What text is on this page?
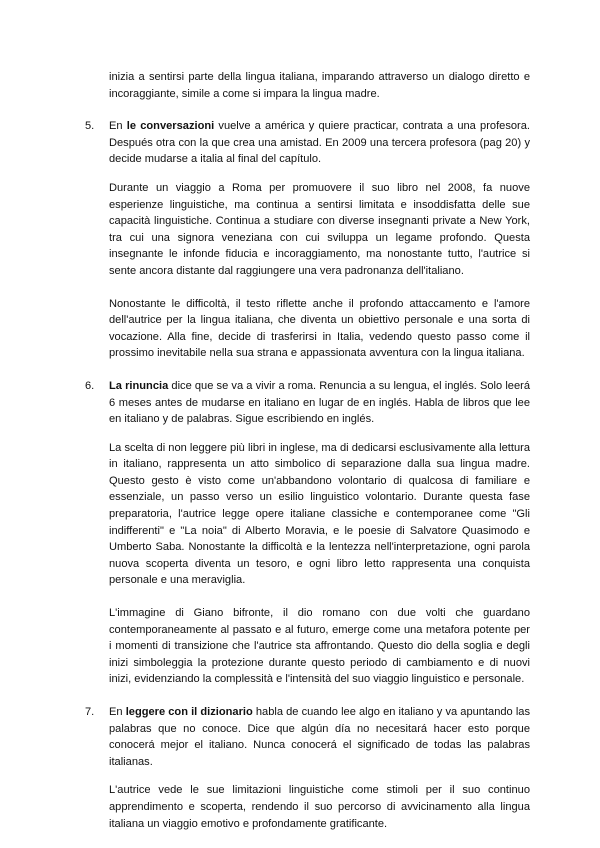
inizia a sentirsi parte della lingua italiana, imparando attraverso un dialogo diretto e incoraggiante, simile a come si impara la lingua madre.

5. En le conversazioni vuelve a américa y quiere practicar, contrata a una profesora. Después otra con la que crea una amistad. En 2009 una tercera profesora (pag 20) y decide mudarse a italia al final del capítulo.

Durante un viaggio a Roma per promuovere il suo libro nel 2008, fa nuove esperienze linguistiche, ma continua a sentirsi limitata e insoddisfatta delle sue capacità linguistiche. Continua a studiare con diverse insegnanti private a New York, tra cui una signora veneziana con cui sviluppa un legame profondo. Questa insegnante le infonde fiducia e incoraggiamento, ma nonostante tutto, l'autrice si sente ancora distante dal raggiungere una vera padronanza dell'italiano.

Nonostante le difficoltà, il testo riflette anche il profondo attaccamento e l'amore dell'autrice per la lingua italiana, che diventa un obiettivo personale e una sorta di vocazione. Alla fine, decide di trasferirsi in Italia, vedendo questo passo come il prossimo inevitabile nella sua strana e appassionata avventura con la lingua italiana.

6. La rinuncia dice que se va a vivir a roma. Renuncia a su lengua, el inglés. Solo leerá 6 meses antes de mudarse en italiano en lugar de en inglés. Habla de libros que lee en italiano y de palabras. Sigue escribiendo en inglés.

La scelta di non leggere più libri in inglese, ma di dedicarsi esclusivamente alla lettura in italiano, rappresenta un atto simbolico di separazione dalla sua lingua madre. Questo gesto è visto come un'abbandono volontario di qualcosa di familiare e essenziale, un passo verso un esilio linguistico volontario. Durante questa fase preparatoria, l'autrice legge opere italiane classiche e contemporanee come "Gli indifferenti" e "La noia" di Alberto Moravia, e le poesie di Salvatore Quasimodo e Umberto Saba. Nonostante la difficoltà e la lentezza nell'interpretazione, ogni parola nuova scoperta diventa un tesoro, e ogni libro letto rappresenta una conquista personale e una meraviglia.

L'immagine di Giano bifronte, il dio romano con due volti che guardano contemporaneamente al passato e al futuro, emerge come una metafora potente per i momenti di transizione che l'autrice sta affrontando. Questo dio della soglia e degli inizi simboleggia la protezione durante questo periodo di cambiamento e di nuovi inizi, evidenziando la complessità e l'intensità del suo viaggio linguistico e personale.

7. En leggere con il dizionario habla de cuando lee algo en italiano y va apuntando las palabras que no conoce. Dice que algún día no necesitará hacer esto porque conocerá mejor el italiano. Nunca conocerá el significado de todas las palabras italianas.

L'autrice vede le sue limitazioni linguistiche come stimoli per il suo continuo apprendimento e scoperta, rendendo il suo percorso di avvicinamento alla lingua italiana un viaggio emotivo e profondamente gratificante.
